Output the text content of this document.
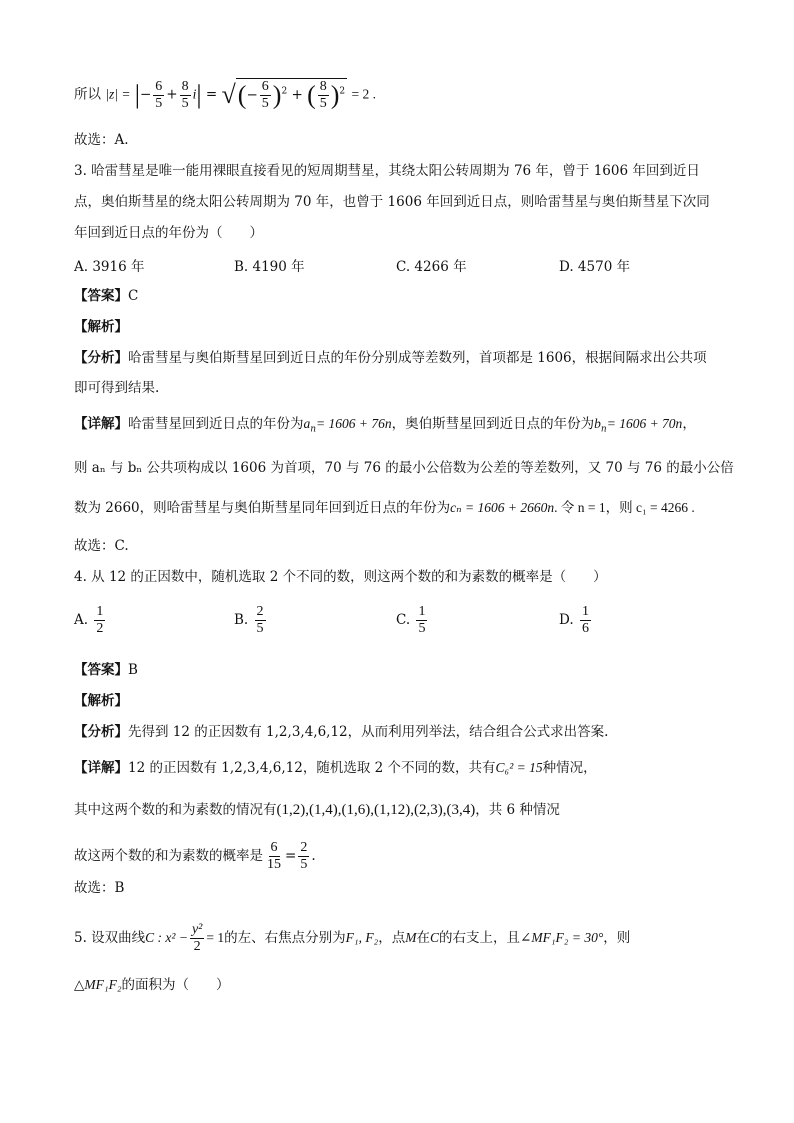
所以 |z| = |− $\frac{6}{5} + \frac{8}{5} i|$ = √(− $\frac{6}{5} )^2$ + ( $\frac{8}{5} )^2 = 2$ .
故选：A.
3. 哈雷彗星是唯一能用裸眼直接看见的短周期彗星，其绕太阳公转周期为 76 年，曾于 1606 年回到近日
点，奥伯斯彗星的绕太阳公转周期为 70 年，也曾于 1606 年回到近日点，则哈雷彗星与奥伯斯彗星下次同
年回到近日点的年份为（　　）
A. 3916 年	B. 4190 年	C. 4266 年	D. 4570 年
【答案】C
【解析】
【分析】哈雷彗星与奥伯斯彗星回到近日点的年份分别成等差数列，首项都是 1606，根据间隔求出公共项
即可得到结果.
【详解】哈雷彗星回到近日点的年份为$a_n= 1606 + 76n$，奥伯斯彗星回到近日点的年份为$b_n= 1606 + 70n$，
则 aₙ 与 bₙ 公共项构成以 1606 为首项，70 与 76 的最小公倍数为公差的等差数列，又 70 与 76 的最小公倍
数为 2660，则哈雷彗星与奥伯斯彗星同年回到近日点的年份为cₙ = 1606 + 2660n. 令 n = 1，则 c₁ = 4266 .
故选：C.
4. 从 12 的正因数中，随机选取 2 个不同的数，则这两个数的和为素数的概率是（　　）
A. $\frac{1}{2}$	B. $\frac{2}{5}$	C. $\frac{1}{5}$	D. $\frac{1}{6}$
【答案】B
【解析】
【分析】先得到 12 的正因数有 1,2,3,4,6,12，从而利用列举法，结合组合公式求出答案.
【详解】12 的正因数有 1,2,3,4,6,12，随机选取 2 个不同的数，共有C₆² = 15种情况，
其中这两个数的和为素数的情况有(1,2),(1,4),(1,6),(1,12),(2,3),(3,4)，共 6 种情况
故这两个数的和为素数的概率是 $\frac{6}{15} = \frac{2}{5}$ .
故选：B
5. 设双曲线C : $x^2 - \frac{\text{y²}}{2} = 1$的左、右焦点分别为F₁, F₂，点M在C的右支上，且∠MF₁F₂ = 30°，则
△MF₁F₂的面积为（　　）
